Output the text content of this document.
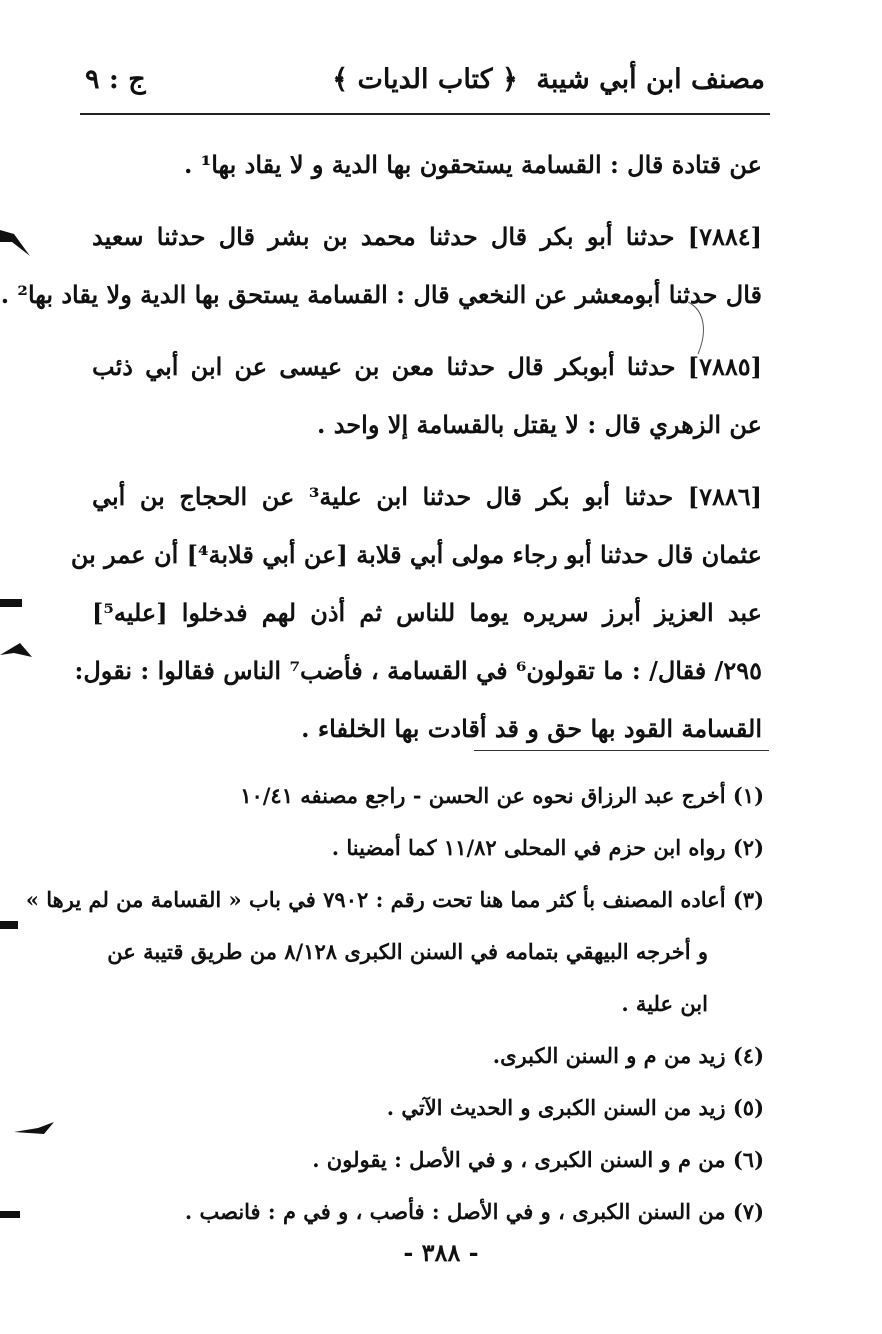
مصنف ابن أبي شيبة
﴿ كتاب الديات ﴾
ج : ٩
عن قتادة قال : القسامة يستحقون بها الدية و لا يقاد بها¹ .
[٧٨٨٤] حدثنا أبو بكر قال حدثنا محمد بن بشر قال حدثنا سعيد
قال حدثنا أبومعشر عن النخعي قال : القسامة يستحق بها الدية ولا يقاد بها² .
[٧٨٨٥] حدثنا أبوبكر قال حدثنا معن بن عيسى عن ابن أبي ذئب
عن الزهري قال : لا يقتل بالقسامة إلا واحد .
[٧٨٨٦] حدثنا أبو بكر قال حدثنا ابن علية³ عن الحجاج بن أبي
عثمان قال حدثنا أبو رجاء مولى أبي قلابة [عن أبي قلابة⁴] أن عمر بن
عبد العزيز أبرز سريره يوما للناس ثم أذن لهم فدخلوا [عليه⁵]
٢٩٥/ فقال/ : ما تقولون⁶ في القسامة ، فأضب⁷ الناس فقالوا : نقول:
القسامة القود بها حق و قد أقادت بها الخلفاء .
(١) أخرج عبد الرزاق نحوه عن الحسن - راجع مصنفه ١٠/٤١
(٢) رواه ابن حزم في المحلى ١١/٨٢ كما أمضينا .
(٣) أعاده المصنف بأ كثر مما هنا تحت رقم : ٧٩٠٢ في باب « القسامة من لم يرها »
و أخرجه البيهقي بتمامه في السنن الكبرى ٨/١٢٨ من طريق قتيبة عن
ابن علية .
(٤) زيد من م و السنن الكبرى.
(٥) زيد من السنن الكبرى و الحديث الآتي .
(٦) من م و السنن الكبرى ، و في الأصل : يقولون .
(٧) من السنن الكبرى ، و في الأصل : فأصب ، و في م : فانصب .
- ٣٨٨ -
